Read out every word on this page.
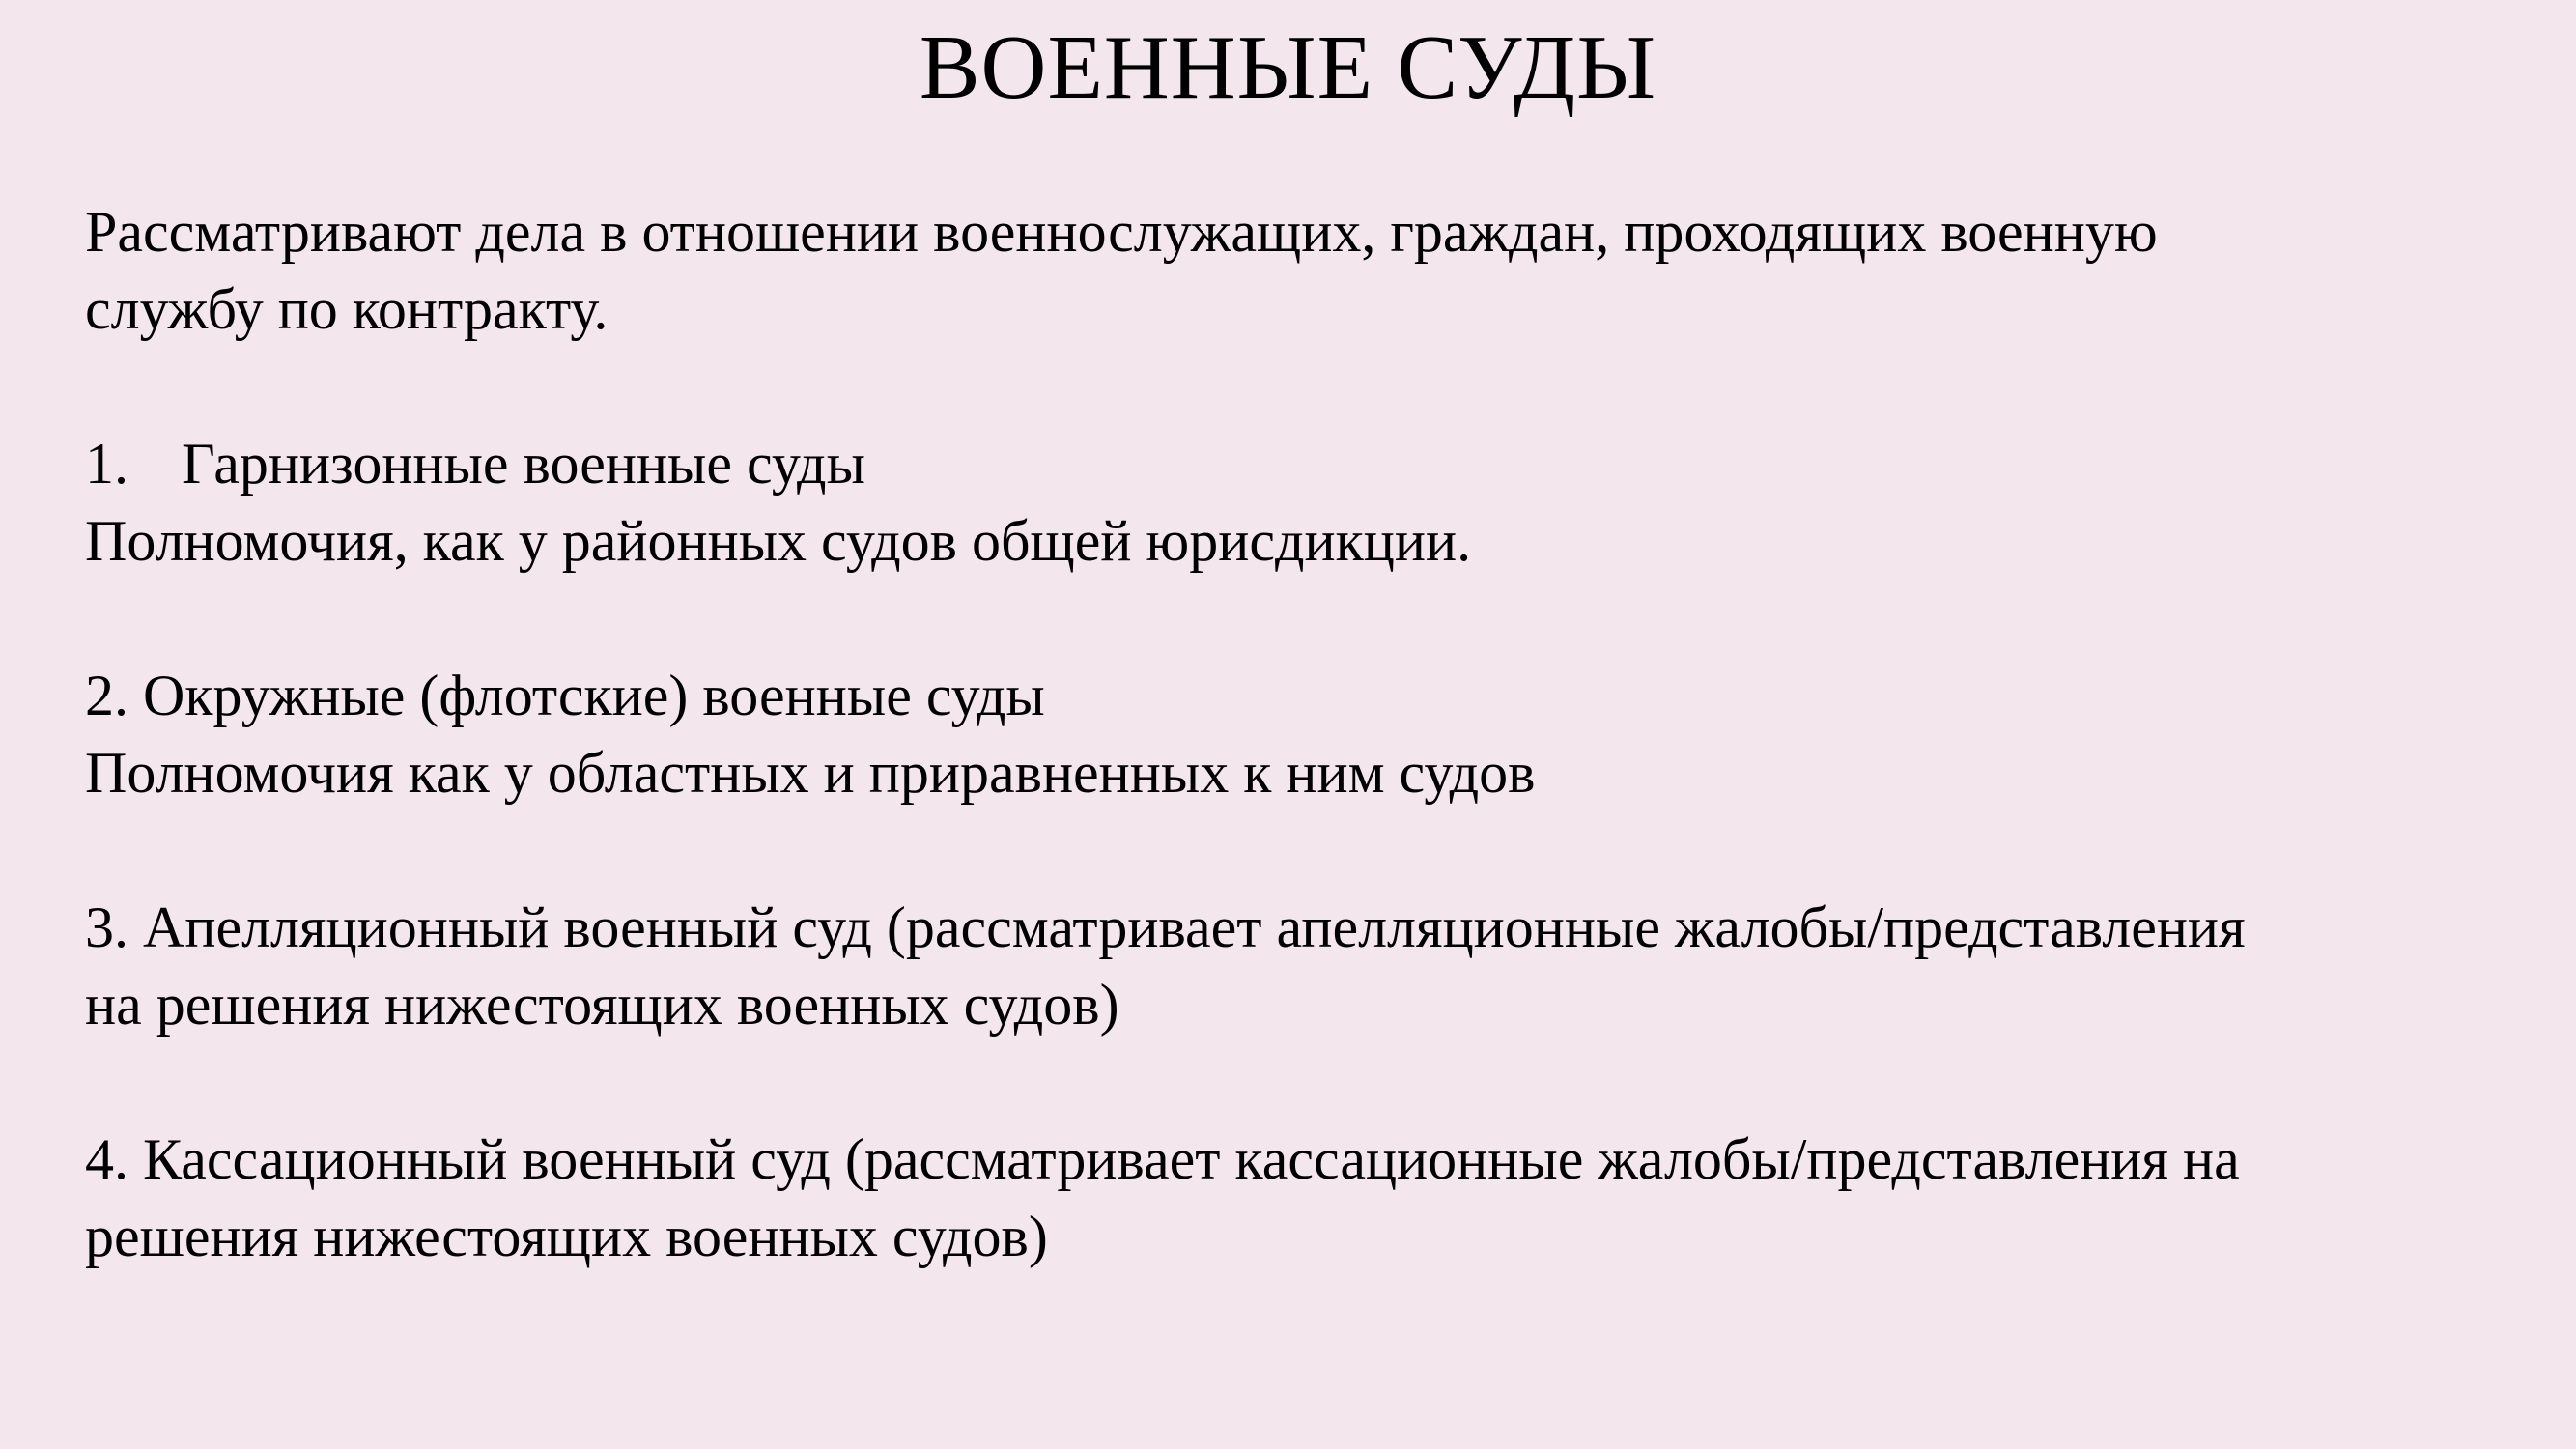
ВОЕННЫЕ СУДЫ

Рассматривают дела в отношении военнослужащих, граждан, проходящих военную

службу по контракту.

1. Гарнизонные военные суды

Полномочия, как у районных судов общей юрисдикции.

2. Окружные (флотские) военные суды

Полномочия как у областных и приравненных к ним судов

3. Апелляционный военный суд (рассматривает апелляционные жалобы/представления

на решения нижестоящих военных судов)

4. Кассационный военный суд (рассматривает кассационные жалобы/представления на

решения нижестоящих военных судов)
